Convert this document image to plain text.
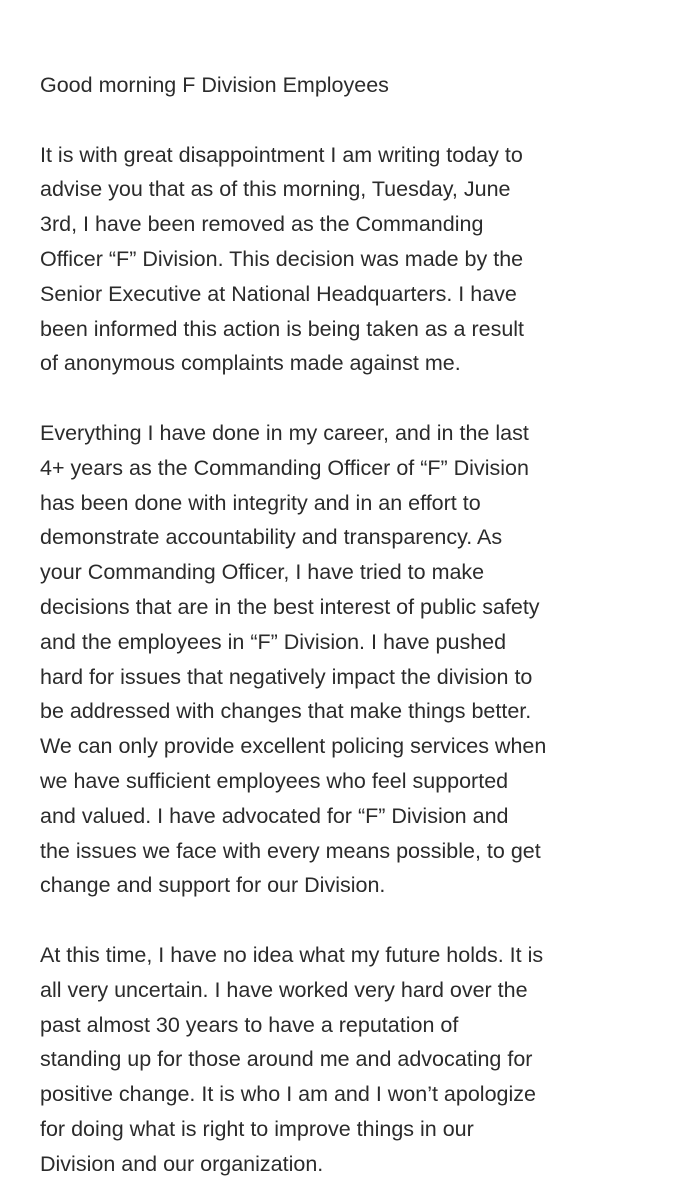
Good morning F Division Employees
It is with great disappointment I am writing today to
advise you that as of this morning, Tuesday, June
3rd, I have been removed as the Commanding
Officer “F” Division. This decision was made by the
Senior Executive at National Headquarters. I have
been informed this action is being taken as a result
of anonymous complaints made against me.
Everything I have done in my career, and in the last
4+ years as the Commanding Officer of “F” Division
has been done with integrity and in an effort to
demonstrate accountability and transparency. As
your Commanding Officer, I have tried to make
decisions that are in the best interest of public safety
and the employees in “F” Division. I have pushed
hard for issues that negatively impact the division to
be addressed with changes that make things better.
We can only provide excellent policing services when
we have sufficient employees who feel supported
and valued. I have advocated for “F” Division and
the issues we face with every means possible, to get
change and support for our Division.
At this time, I have no idea what my future holds. It is
all very uncertain. I have worked very hard over the
past almost 30 years to have a reputation of
standing up for those around me and advocating for
positive change. It is who I am and I won’t apologize
for doing what is right to improve things in our
Division and our organization.
